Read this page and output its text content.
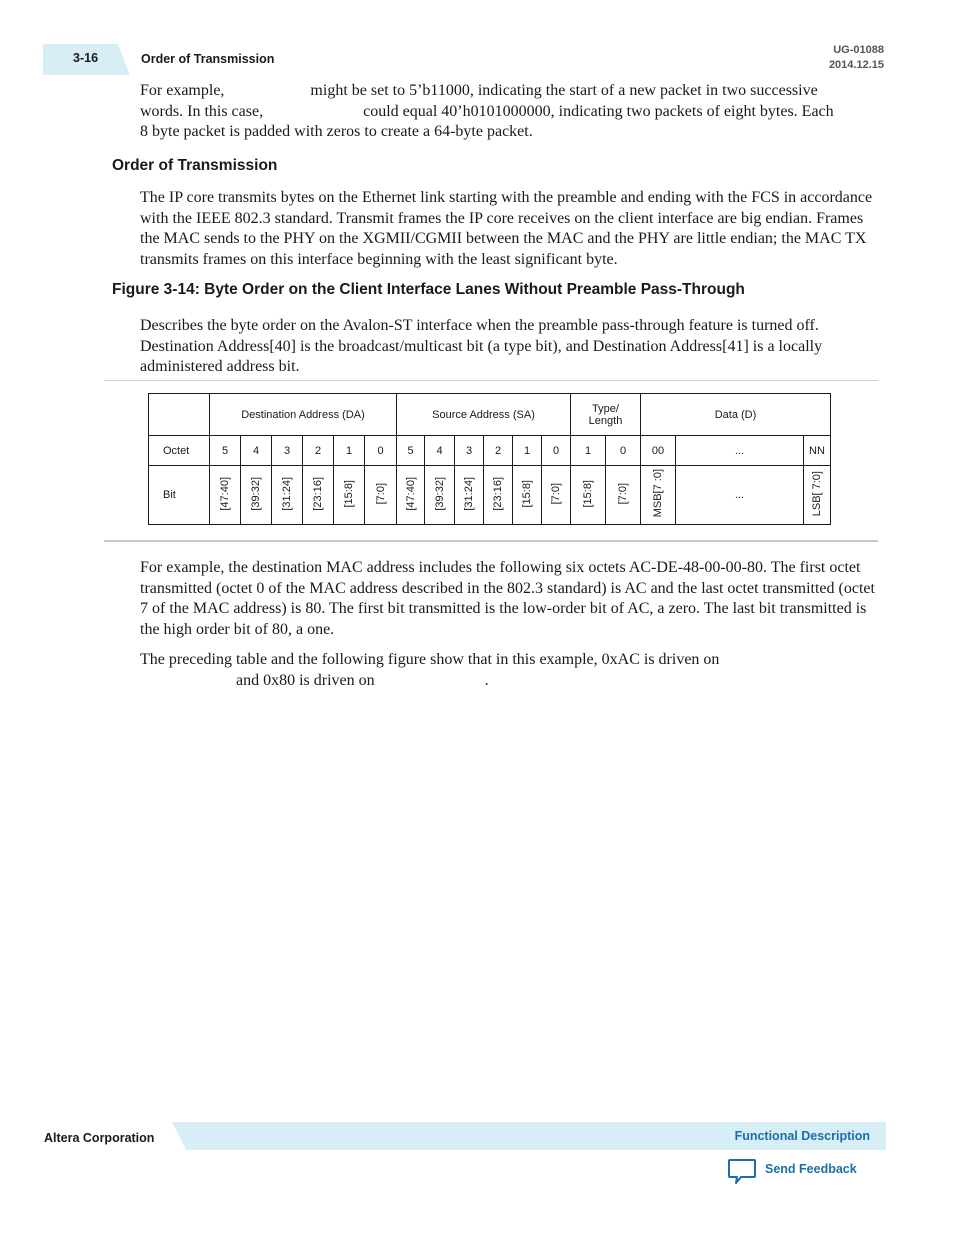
3-16	Order of Transmission
UG-01088
2014.12.15
For example,	might be set to 5’b11000, indicating the start of a new packet in two successive
words. In this case,	could equal 40’h0101000000, indicating two packets of eight bytes. Each
8 byte packet is padded with zeros to create a 64-byte packet.
Order of Transmission
The IP core transmits bytes on the Ethernet link starting with the preamble and ending with the FCS in accordance with the IEEE 802.3 standard. Transmit frames the IP core receives on the client interface are big endian. Frames the MAC sends to the PHY on the XGMII/CGMII between the MAC and the PHY are little endian; the MAC TX transmits frames on this interface beginning with the least significant byte.
Figure 3-14: Byte Order on the Client Interface Lanes Without Preamble Pass-Through
Describes the byte order on the Avalon-ST interface when the preamble pass-through feature is turned off. Destination Address[40] is the broadcast/multicast bit (a type bit), and Destination Address[41] is a locally administered address bit.
	Destination Address (DA)						Source Address (SA)						Type/
Length		Data (D)		
Octet	5	4	3	2	1	0	5	4	3	2	1	0	1	0	00	...	NN
Bit	[47:40]	[39:32]	[31:24]	[23:16]	[15:8]	[7:0]	[47:40]	[39:32]	[31:24]	[23:16]	[15:8]	[7:0]	[15:8]	[7:0]	MSB[7 :0]	...	LSB[ 7:0]
For example, the destination MAC address includes the following six octets AC-DE-48-00-00-80. The first octet transmitted (octet 0 of the MAC address described in the 802.3 standard) is AC and the last octet transmitted (octet 7 of the MAC address) is 80. The first bit transmitted is the low-order bit of AC, a zero. The last bit transmitted is the high order bit of 80, a one.
The preceding table and the following figure show that in this example, 0xAC is driven on
and 0x80 is driven on	.
Altera Corporation	Functional Description
Send Feedback
